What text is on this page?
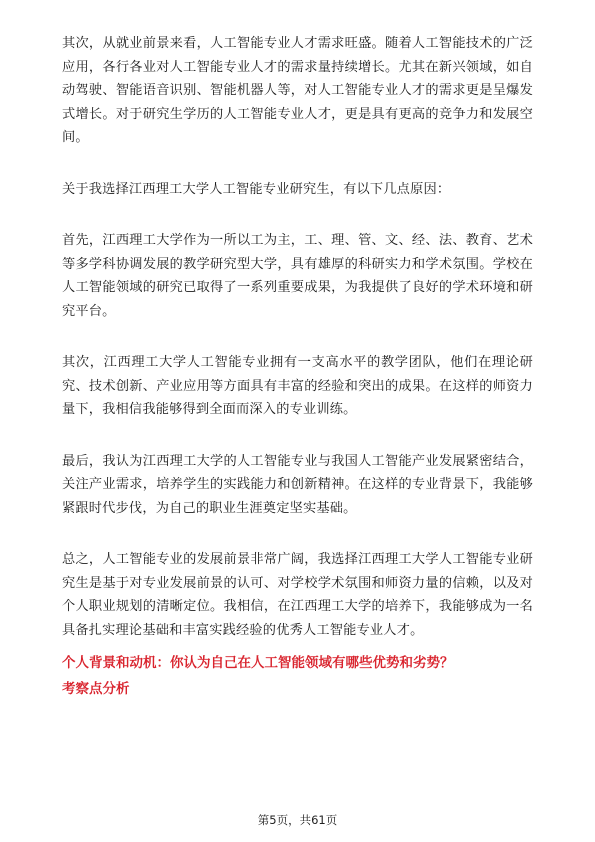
其次，从就业前景来看，人工智能专业人才需求旺盛。随着人工智能技术的广泛应用，各行各业对人工智能专业人才的需求量持续增长。尤其在新兴领域，如自动驾驶、智能语音识别、智能机器人等，对人工智能专业人才的需求更是呈爆发式增长。对于研究生学历的人工智能专业人才，更是具有更高的竞争力和发展空间。

关于我选择江西理工大学人工智能专业研究生，有以下几点原因：

首先，江西理工大学作为一所以工为主，工、理、管、文、经、法、教育、艺术等多学科协调发展的教学研究型大学，具有雄厚的科研实力和学术氛围。学校在人工智能领域的研究已取得了一系列重要成果，为我提供了良好的学术环境和研究平台。

其次，江西理工大学人工智能专业拥有一支高水平的教学团队，他们在理论研究、技术创新、产业应用等方面具有丰富的经验和突出的成果。在这样的师资力量下，我相信我能够得到全面而深入的专业训练。

最后，我认为江西理工大学的人工智能专业与我国人工智能产业发展紧密结合，关注产业需求，培养学生的实践能力和创新精神。在这样的专业背景下，我能够紧跟时代步伐，为自己的职业生涯奠定坚实基础。

总之，人工智能专业的发展前景非常广阔，我选择江西理工大学人工智能专业研究生是基于对专业发展前景的认可、对学校学术氛围和师资力量的信赖，以及对个人职业规划的清晰定位。我相信，在江西理工大学的培养下，我能够成为一名具备扎实理论基础和丰富实践经验的优秀人工智能专业人才。

个人背景和动机：你认为自己在人工智能领域有哪些优势和劣势？

考察点分析

第5页，共61页
